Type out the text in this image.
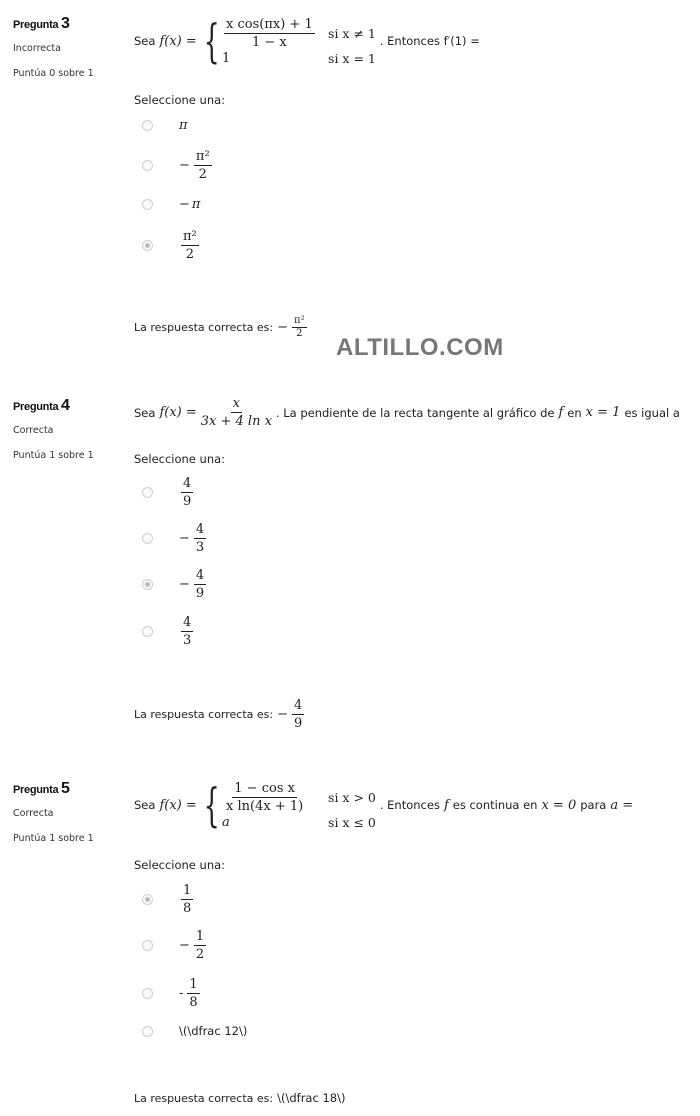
Pregunta 3
Incorrecta
Puntúa 0 sobre 1
Sea f(x) = { $\frac{\text{x cos(πx) + 1}}{1 - x}$ si x ≠ 1
1	si x = 1
. Entonces f′(1) =
Seleccione una:
π
− $\frac{\text{π²}}{2}$
− π
$\frac{\text{π²}}{2}$
La respuesta correcta es: − $\frac{\text{π²}}{2}$
ALTILLO.COM
Pregunta 4
Correcta
Puntúa 1 sobre 1
Sea $f(x) = \frac{x}{\text{3x + 4 ln x}}$ . La pendiente de la recta tangente al gráfico de f en x = 1 es igual a
Seleccione una:
$\frac{4}{9}$
− $\frac{4}{3}$
− $\frac{4}{9}$
$\frac{4}{3}$
La respuesta correcta es: − $\frac{4}{9}$
Pregunta 5
Correcta
Puntúa 1 sobre 1
Sea f(x) = { $\frac{\text{1 − cos x}}{\text{x ln(4x + 1)}}$ si x > 0
a	si x ≤ 0
. Entonces f es continua en x = 0 para a =
Seleccione una:
$\frac{1}{8}$
− $\frac{1}{2}$
- $\frac{1}{8}$
\(\dfrac 12\)
La respuesta correcta es: \(\dfrac 18\)
